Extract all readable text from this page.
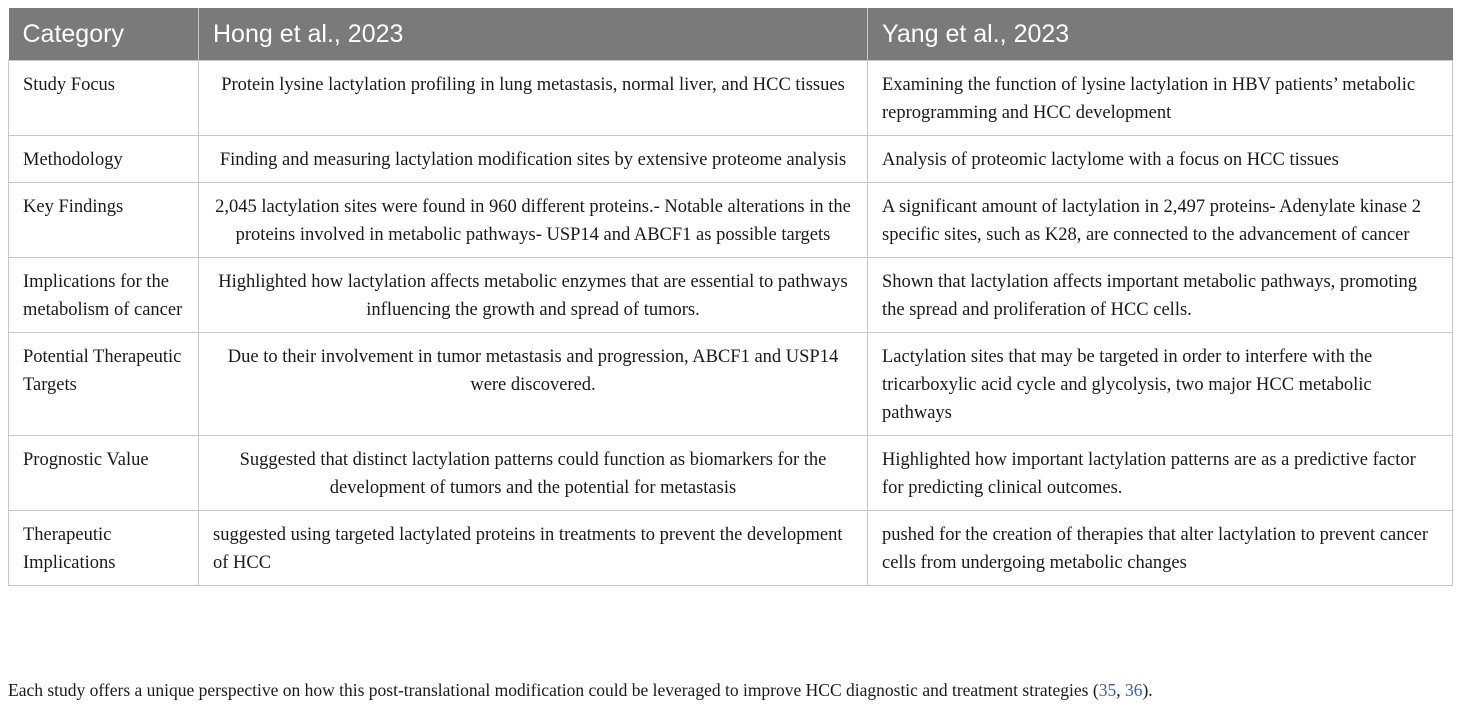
Category	Hong et al., 2023	Yang et al., 2023
Study Focus	Protein lysine lactylation profiling in lung metastasis, normal liver, and HCC tissues	Examining the function of lysine lactylation in HBV patients’ metabolic reprogramming and HCC development
Methodology	Finding and measuring lactylation modification sites by extensive proteome analysis	Analysis of proteomic lactylome with a focus on HCC tissues
Key Findings	2,045 lactylation sites were found in 960 different proteins.- Notable alterations in the proteins involved in metabolic pathways- USP14 and ABCF1 as possible targets	A significant amount of lactylation in 2,497 proteins- Adenylate kinase 2 specific sites, such as K28, are connected to the advancement of cancer
Implications for the metabolism of cancer	Highlighted how lactylation affects metabolic enzymes that are essential to pathways influencing the growth and spread of tumors.	Shown that lactylation affects important metabolic pathways, promoting the spread and proliferation of HCC cells.
Potential Therapeutic Targets	Due to their involvement in tumor metastasis and progression, ABCF1 and USP14 were discovered.	Lactylation sites that may be targeted in order to interfere with the tricarboxylic acid cycle and glycolysis, two major HCC metabolic pathways
Prognostic Value	Suggested that distinct lactylation patterns could function as biomarkers for the development of tumors and the potential for metastasis	Highlighted how important lactylation patterns are as a predictive factor for predicting clinical outcomes.
Therapeutic Implications	suggested using targeted lactylated proteins in treatments to prevent the development of HCC	pushed for the creation of therapies that alter lactylation to prevent cancer cells from undergoing metabolic changes
Each study offers a unique perspective on how this post-translational modification could be leveraged to improve HCC diagnostic and treatment strategies (35, 36).
